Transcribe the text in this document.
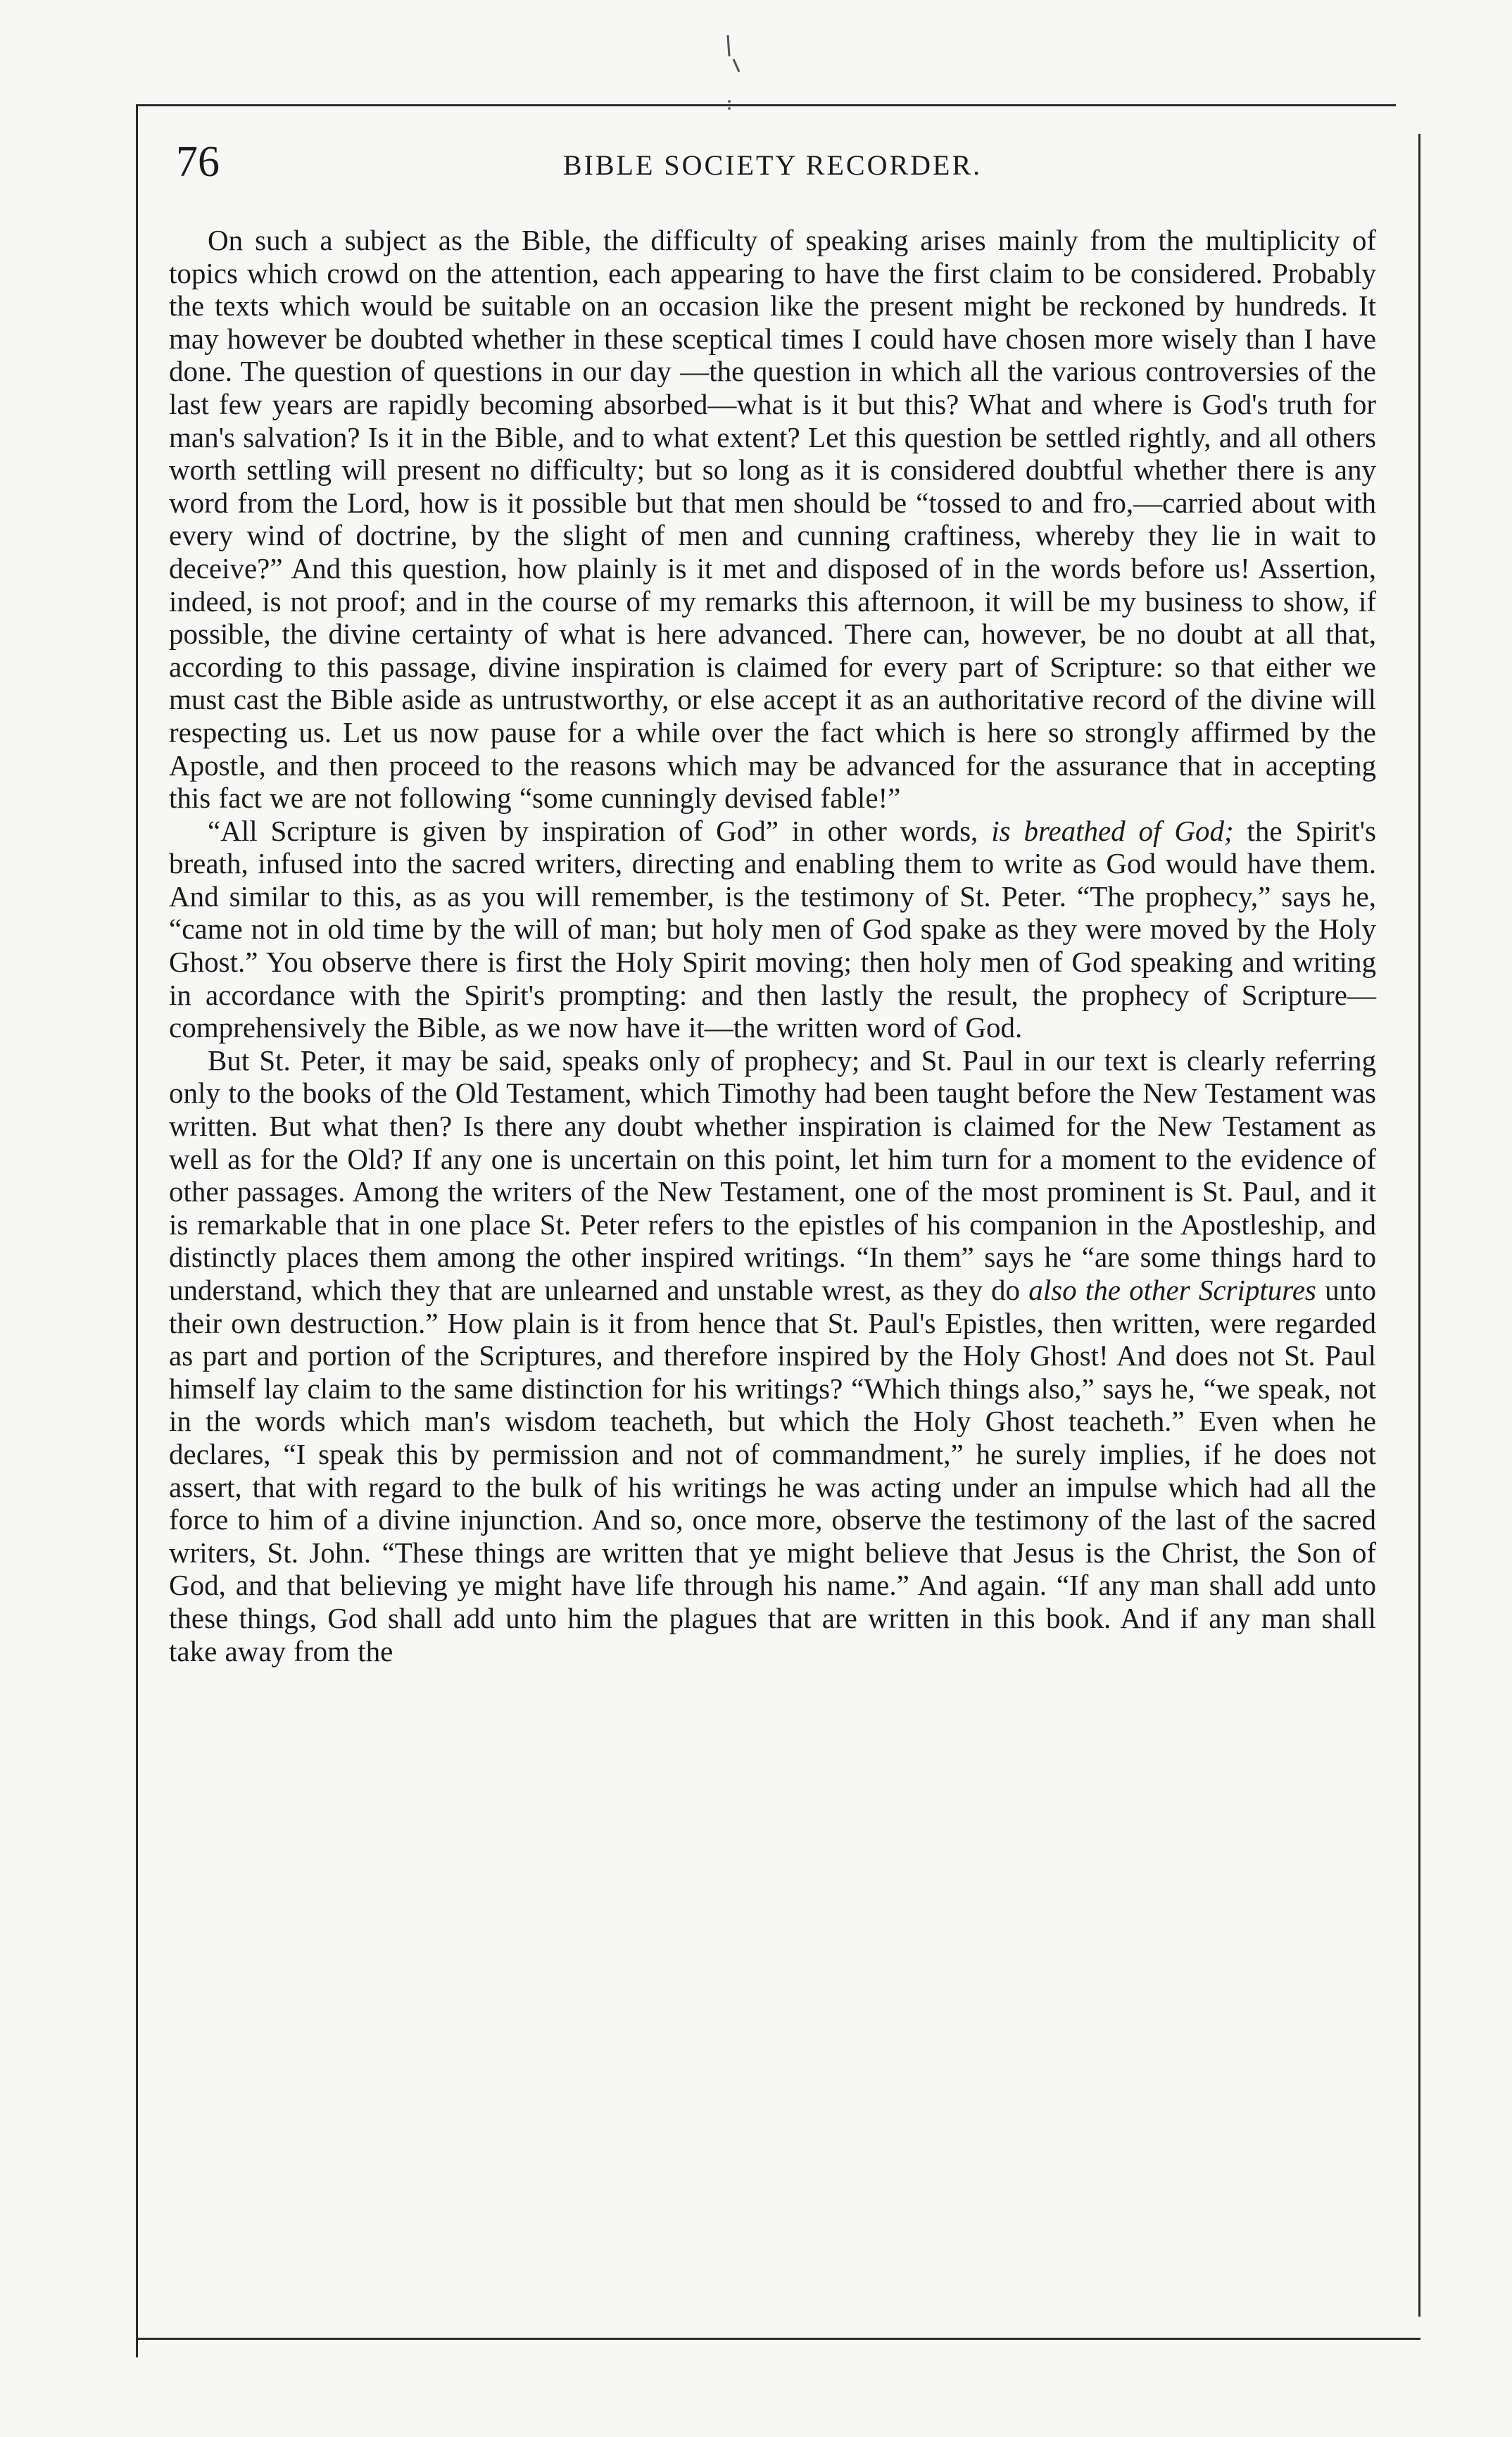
76	BIBLE SOCIETY RECORDER.

On such a subject as the Bible, the difficulty of speaking arises mainly from the multiplicity of topics which crowd on the attention, each appearing to have the first claim to be considered. Probably the texts which would be suitable on an occasion like the present might be reckoned by hundreds. It may however be doubted whether in these sceptical times I could have chosen more wisely than I have done. The question of questions in our day —the question in which all the various controversies of the last few years are rapidly becoming absorbed—what is it but this? What and where is God's truth for man's salvation? Is it in the Bible, and to what extent? Let this question be settled rightly, and all others worth settling will present no difficulty; but so long as it is considered doubtful whether there is any word from the Lord, how is it possible but that men should be “tossed to and fro,—carried about with every wind of doctrine, by the slight of men and cunning craftiness, whereby they lie in wait to deceive?” And this question, how plainly is it met and disposed of in the words before us! Assertion, indeed, is not proof; and in the course of my remarks this afternoon, it will be my business to show, if possible, the divine certainty of what is here advanced. There can, however, be no doubt at all that, according to this passage, divine inspiration is claimed for every part of Scripture: so that either we must cast the Bible aside as untrustworthy, or else accept it as an authoritative record of the divine will respecting us. Let us now pause for a while over the fact which is here so strongly affirmed by the Apostle, and then proceed to the reasons which may be advanced for the assurance that in accepting this fact we are not following “some cunningly devised fable!”

“All Scripture is given by inspiration of God” in other words, is breathed of God; the Spirit's breath, infused into the sacred writers, directing and enabling them to write as God would have them. And similar to this, as as you will remember, is the testimony of St. Peter. “The prophecy,” says he, “came not in old time by the will of man; but holy men of God spake as they were moved by the Holy Ghost.” You observe there is first the Holy Spirit moving; then holy men of God speaking and writing in accordance with the Spirit's prompting: and then lastly the result, the prophecy of Scripture—comprehensively the Bible, as we now have it—the written word of God.

But St. Peter, it may be said, speaks only of prophecy; and St. Paul in our text is clearly referring only to the books of the Old Testament, which Timothy had been taught before the New Testament was written. But what then? Is there any doubt whether inspiration is claimed for the New Testament as well as for the Old? If any one is uncertain on this point, let him turn for a moment to the evidence of other passages. Among the writers of the New Testament, one of the most prominent is St. Paul, and it is remarkable that in one place St. Peter refers to the epistles of his companion in the Apostleship, and distinctly places them among the other inspired writings. “In them” says he “are some things hard to understand, which they that are unlearned and unstable wrest, as they do also the other Scriptures unto their own destruction.” How plain is it from hence that St. Paul's Epistles, then written, were regarded as part and portion of the Scriptures, and therefore inspired by the Holy Ghost! And does not St. Paul himself lay claim to the same distinction for his writings? “Which things also,” says he, “we speak, not in the words which man's wisdom teacheth, but which the Holy Ghost teacheth.” Even when he declares, “I speak this by permission and not of commandment,” he surely implies, if he does not assert, that with regard to the bulk of his writings he was acting under an impulse which had all the force to him of a divine injunction. And so, once more, observe the testimony of the last of the sacred writers, St. John. “These things are written that ye might believe that Jesus is the Christ, the Son of God, and that believing ye might have life through his name.” And again. “If any man shall add unto these things, God shall add unto him the plagues that are written in this book. And if any man shall take away from the
